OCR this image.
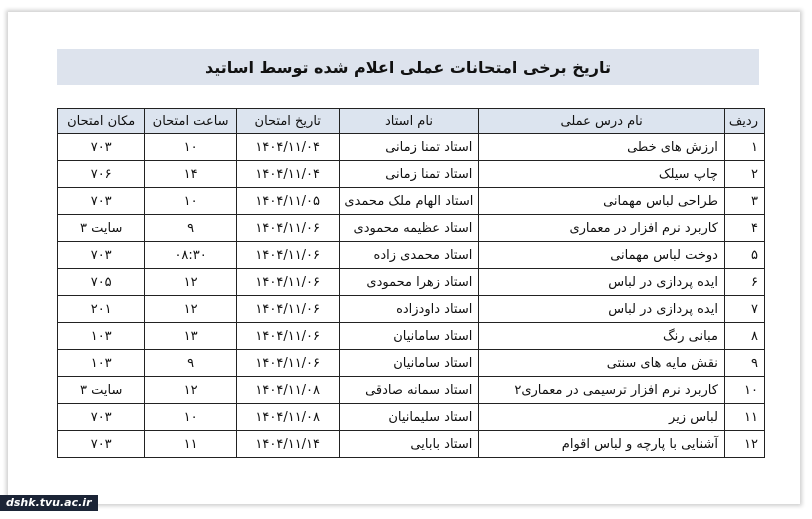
تاریخ برخی امتحانات عملی اعلام شده توسط اساتید
ردیف	نام درس عملی	نام استاد	تاریخ امتحان	ساعت امتحان	مکان امتحان
۱	ارزش های خطی	استاد تمنا زمانی	۱۴۰۴/۱۱/۰۴	۱۰	۷۰۳
۲	چاپ سیلک	استاد تمنا زمانی	۱۴۰۴/۱۱/۰۴	۱۴	۷۰۶
۳	طراحی لباس مهمانی	استاد الهام ملک محمدی	۱۴۰۴/۱۱/۰۵	۱۰	۷۰۳
۴	کاربرد نرم افزار در معماری	استاد عظیمه محمودی	۱۴۰۴/۱۱/۰۶	۹	سایت ۳
۵	دوخت لباس مهمانی	استاد محمدی زاده	۱۴۰۴/۱۱/۰۶	۰۸:۳۰	۷۰۳
۶	ایده پردازی در لباس	استاد زهرا محمودی	۱۴۰۴/۱۱/۰۶	۱۲	۷۰۵
۷	ایده پردازی در لباس	استاد داودزاده	۱۴۰۴/۱۱/۰۶	۱۲	۲۰۱
۸	مبانی رنگ	استاد سامانیان	۱۴۰۴/۱۱/۰۶	۱۳	۱۰۳
۹	نقش مایه های سنتی	استاد سامانیان	۱۴۰۴/۱۱/۰۶	۹	۱۰۳
۱۰	کاربرد نرم افزار ترسیمی در معماری۲	استاد سمانه صادقی	۱۴۰۴/۱۱/۰۸	۱۲	سایت ۳
۱۱	لباس زیر	استاد سلیمانیان	۱۴۰۴/۱۱/۰۸	۱۰	۷۰۳
۱۲	آشنایی با پارچه و لباس اقوام	استاد بابایی	۱۴۰۴/۱۱/۱۴	۱۱	۷۰۳
dshk.tvu.ac.ir
